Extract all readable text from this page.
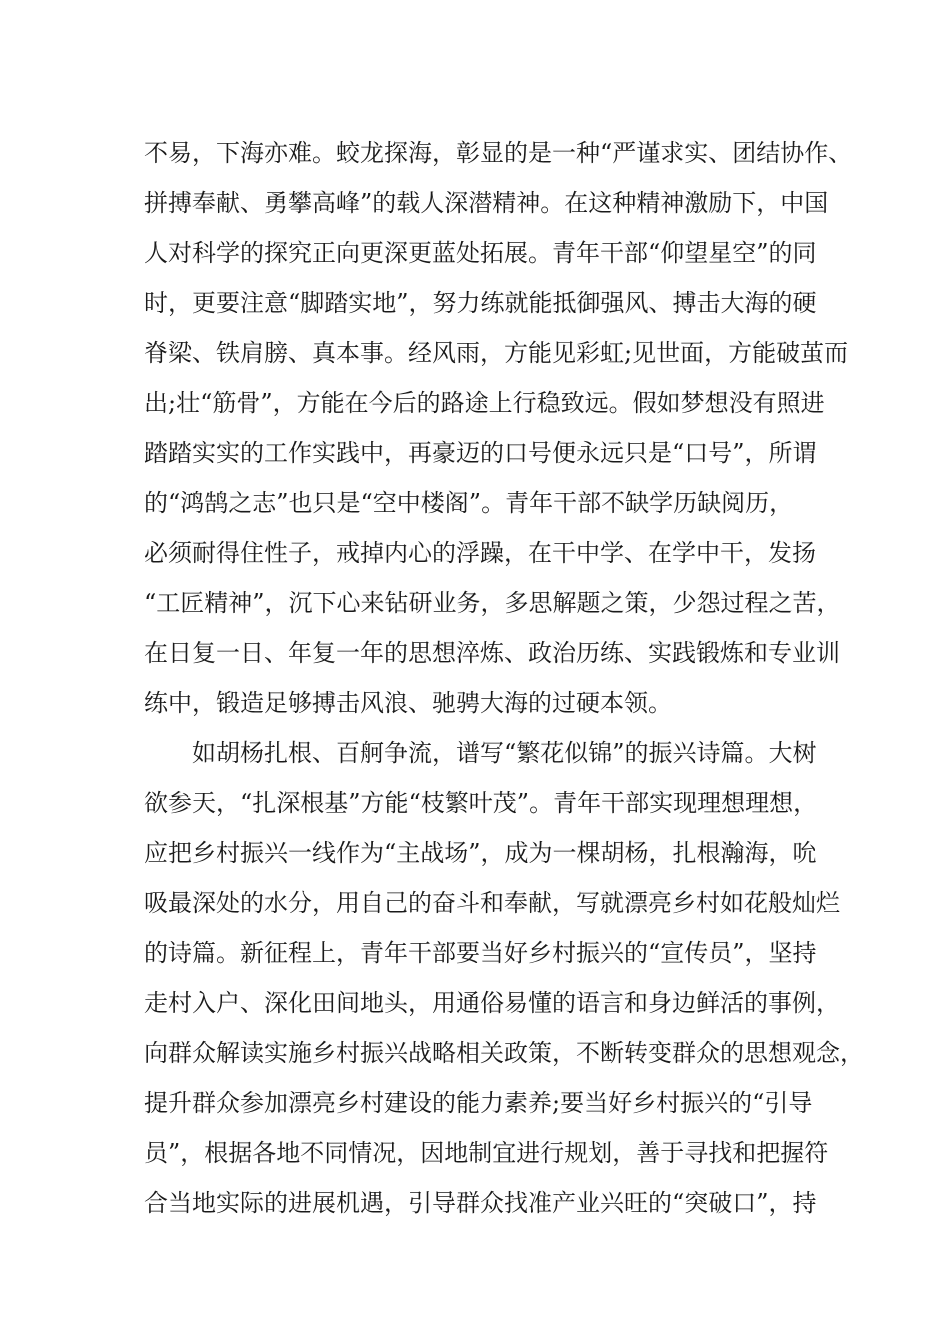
不易，下海亦难。蛟龙探海，彰显的是一种“严谨求实、团结协作、
拼搏奉献、勇攀高峰”的载人深潜精神。在这种精神激励下，中国
人对科学的探究正向更深更蓝处拓展。青年干部“仰望星空”的同
时，更要注意“脚踏实地”，努力练就能抵御强风、搏击大海的硬
脊梁、铁肩膀、真本事。经风雨，方能见彩虹;见世面，方能破茧而
出;壮“筋骨”，方能在今后的路途上行稳致远。假如梦想没有照进
踏踏实实的工作实践中，再豪迈的口号便永远只是“口号”，所谓
的“鸿鹄之志”也只是“空中楼阁”。青年干部不缺学历缺阅历，
必须耐得住性子，戒掉内心的浮躁，在干中学、在学中干，发扬
“工匠精神”，沉下心来钻研业务，多思解题之策，少怨过程之苦，
在日复一日、年复一年的思想淬炼、政治历练、实践锻炼和专业训
练中，锻造足够搏击风浪、驰骋大海的过硬本领。
如胡杨扎根、百舸争流，谱写“繁花似锦”的振兴诗篇。大树
欲参天，“扎深根基”方能“枝繁叶茂”。青年干部实现理想理想，
应把乡村振兴一线作为“主战场”，成为一棵胡杨，扎根瀚海，吮
吸最深处的水分，用自己的奋斗和奉献，写就漂亮乡村如花般灿烂
的诗篇。新征程上，青年干部要当好乡村振兴的“宣传员”，坚持
走村入户、深化田间地头，用通俗易懂的语言和身边鲜活的事例，
向群众解读实施乡村振兴战略相关政策，不断转变群众的思想观念，
提升群众参加漂亮乡村建设的能力素养;要当好乡村振兴的“引导
员”，根据各地不同情况，因地制宜进行规划，善于寻找和把握符
合当地实际的进展机遇，引导群众找准产业兴旺的“突破口”，持
